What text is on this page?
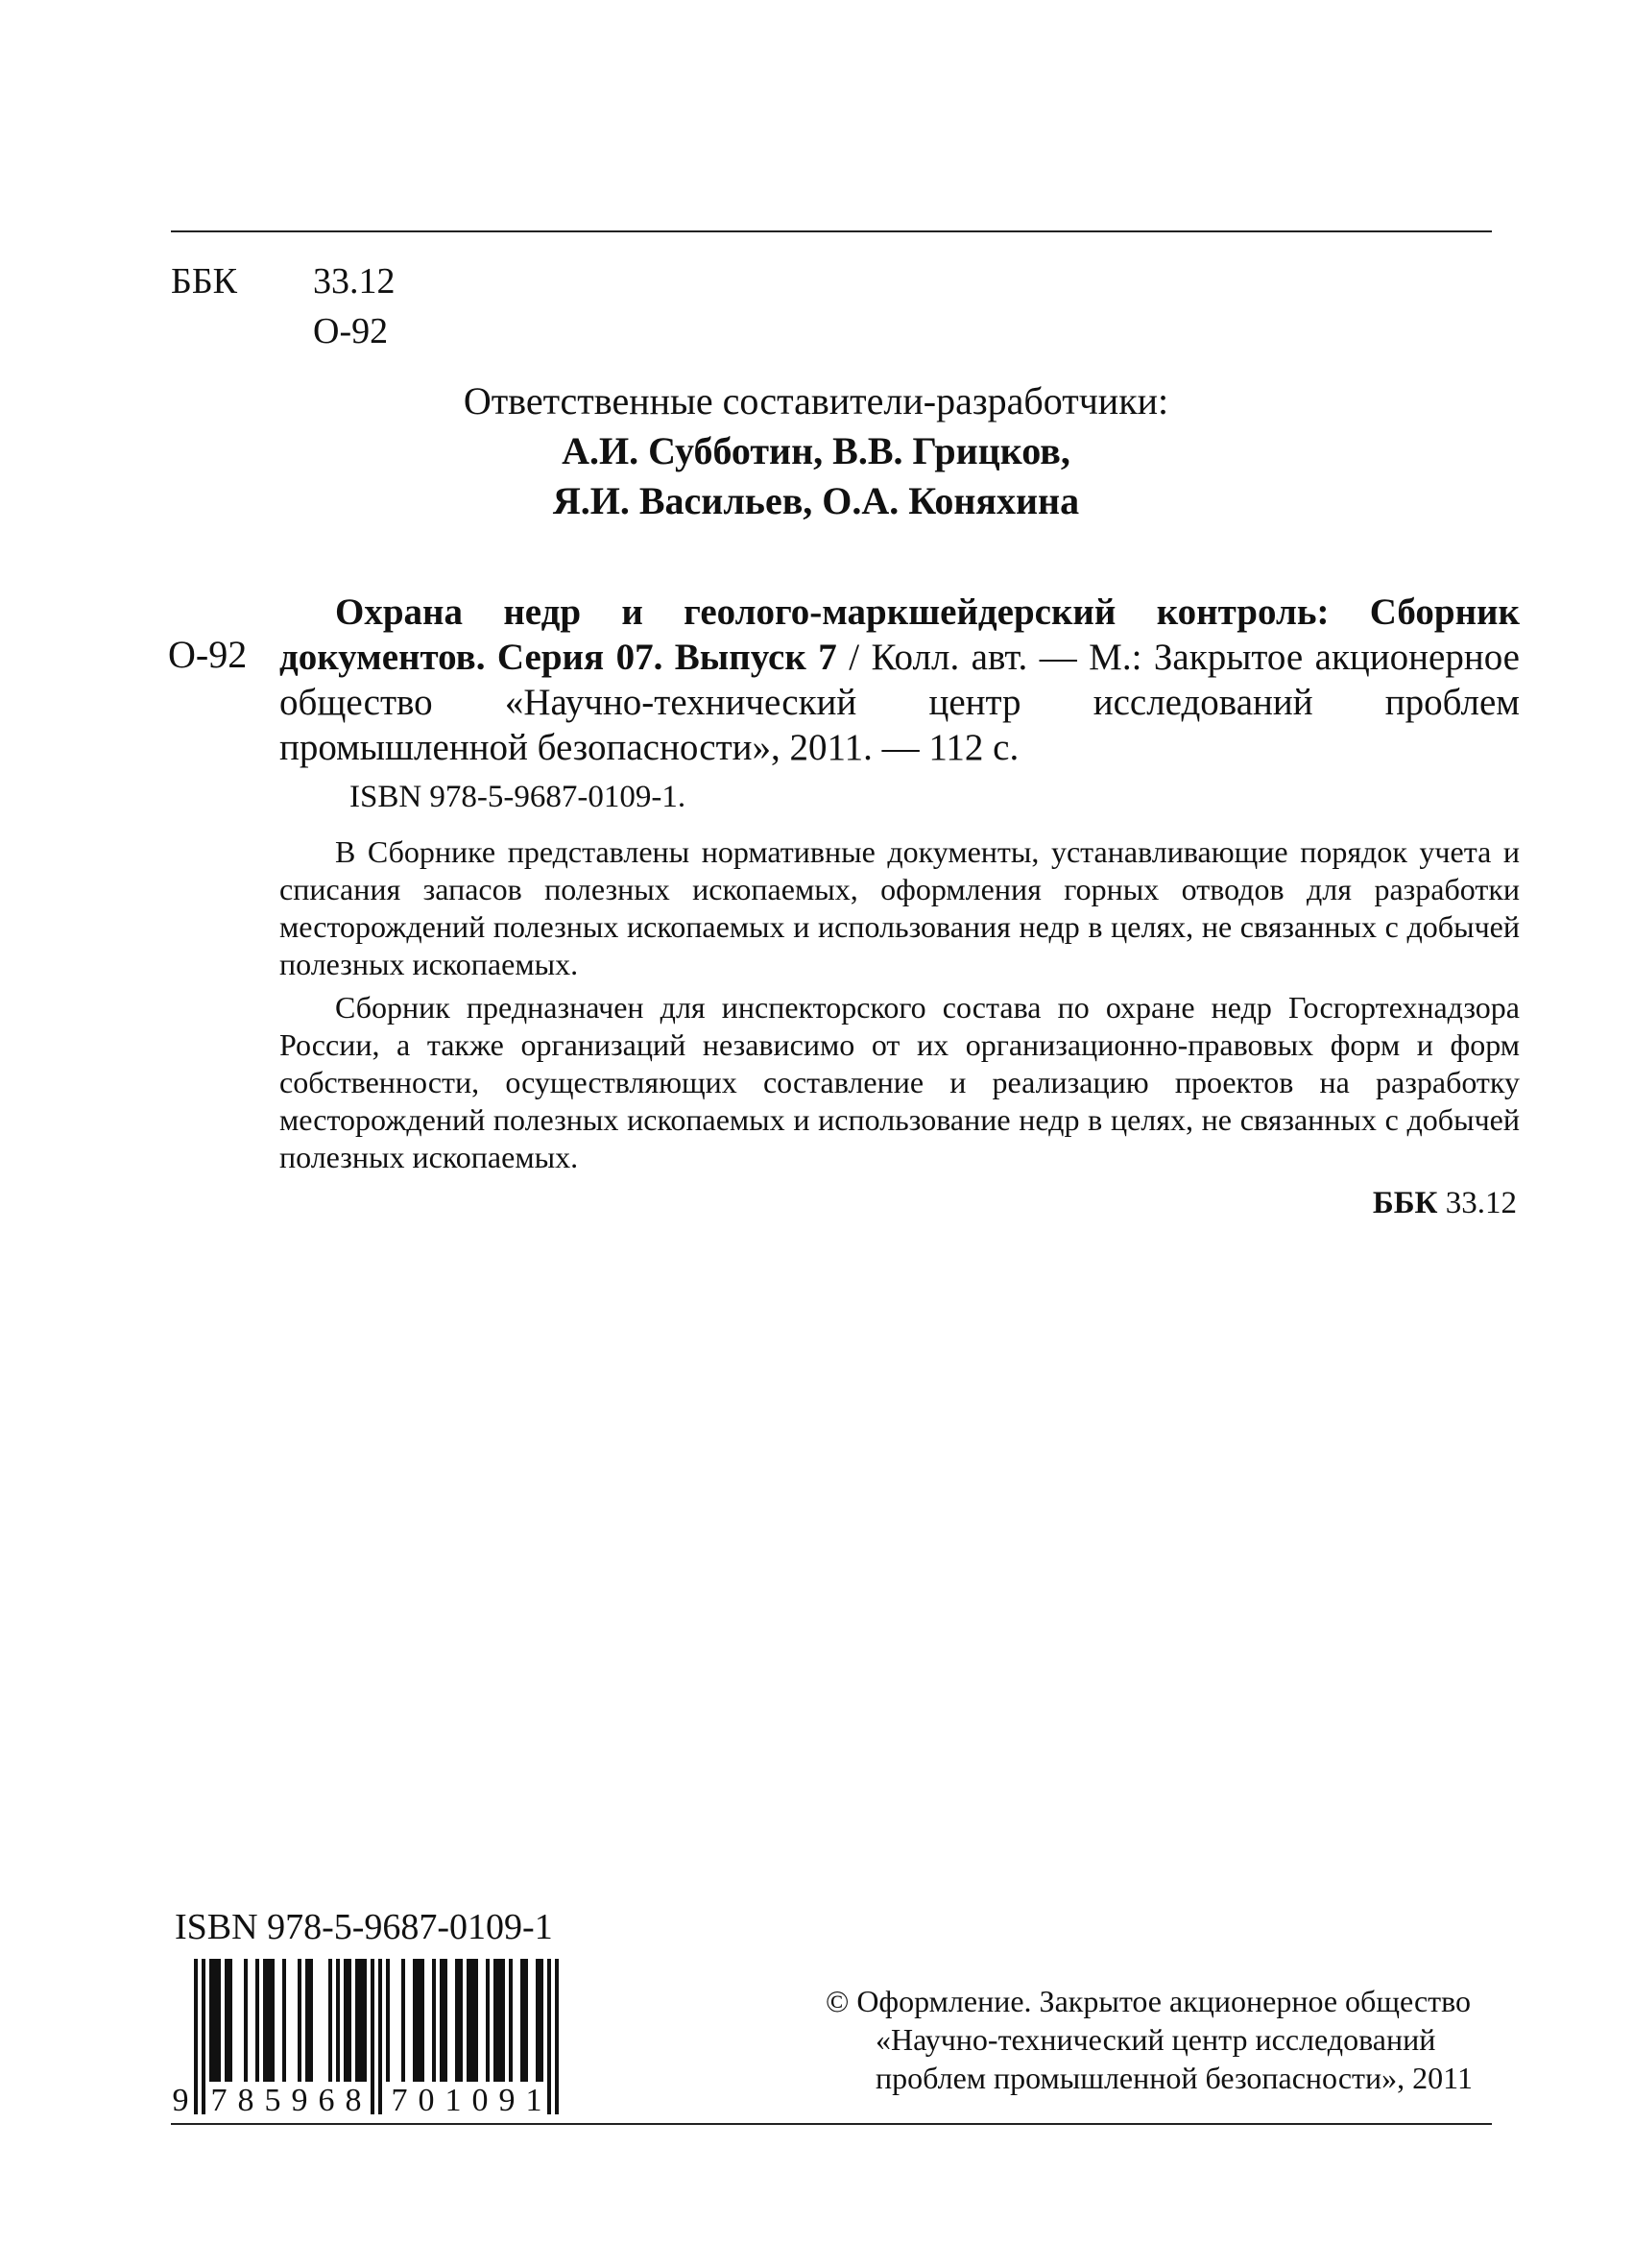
ББК 33.12
О-92
Ответственные составители-разработчики:
А.И. Субботин, В.В. Грицков,
Я.И. Васильев, О.А. Коняхина
О-92

Охрана недр и геолого-маркшейдерский контроль: Сборник документов. Серия 07. Выпуск 7 / Колл. авт. — М.: Закрытое акционерное общество «Научно-технический центр исследований проблем промышленной безопасности», 2011. — 112 с.

ISBN 978-5-9687-0109-1.

В Сборнике представлены нормативные документы, устанавливающие порядок учета и списания запасов полезных ископаемых, оформления горных отводов для разработки месторождений полезных ископаемых и использования недр в целях, не связанных с добычей полезных ископаемых.

Сборник предназначен для инспекторского состава по охране недр Госгортехнадзора России, а также организаций независимо от их организационно-правовых форм и форм собственности, осуществляющих составление и реализацию проектов на разработку месторождений полезных ископаемых и использование недр в целях, не связанных с добычей полезных ископаемых.

ББК 33.12
ISBN 978-5-9687-0109-1
9 7 8 5 9 6 8 7 0 1 0 9 1
© Оформление. Закрытое акционерное общество
«Научно-технический центр исследований
проблем промышленной безопасности», 2011
